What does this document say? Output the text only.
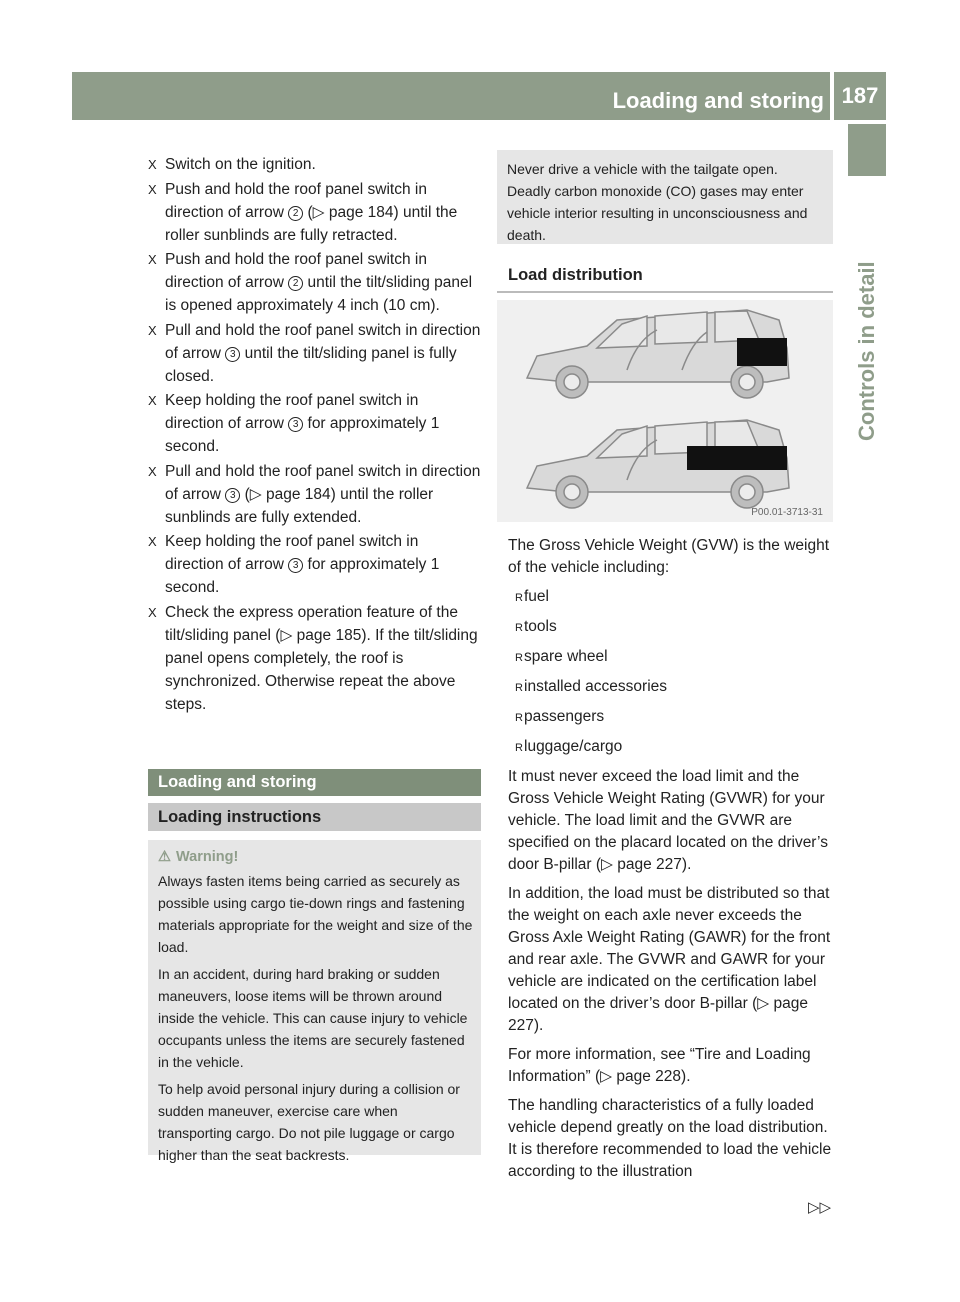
Loading and storing 187
Controls in detail
X Switch on the ignition.
X Push and hold the roof panel switch in direction of arrow 2 (▷ page 184) until the roller sunblinds are fully retracted.
X Push and hold the roof panel switch in direction of arrow 2 until the tilt/sliding panel is opened approximately 4 inch (10 cm).
X Pull and hold the roof panel switch in direction of arrow 3 until the tilt/sliding panel is fully closed.
X Keep holding the roof panel switch in direction of arrow 3 for approximately 1 second.
X Pull and hold the roof panel switch in direction of arrow 3 (▷ page 184) until the roller sunblinds are fully extended.
X Keep holding the roof panel switch in direction of arrow 3 for approximately 1 second.
X Check the express operation feature of the tilt/sliding panel (▷ page 185). If the tilt/sliding panel opens completely, the roof is synchronized. Otherwise repeat the above steps.
Loading and storing
Loading instructions
⚠ Warning!

Always fasten items being carried as securely as possible using cargo tie-down rings and fastening materials appropriate for the weight and size of the load.

In an accident, during hard braking or sudden maneuvers, loose items will be thrown around inside the vehicle. This can cause injury to vehicle occupants unless the items are securely fastened in the vehicle.

To help avoid personal injury during a collision or sudden maneuver, exercise care when transporting cargo. Do not pile luggage or cargo higher than the seat backrests.

Never drive a vehicle with the tailgate open. Deadly carbon monoxide (CO) gases may enter vehicle interior resulting in unconsciousness and death.
Load distribution
P00.01-3713-31

The Gross Vehicle Weight (GVW) is the weight of the vehicle including:

Rfuel
Rtools
Rspare wheel
Rinstalled accessories
Rpassengers
Rluggage/cargo

It must never exceed the load limit and the Gross Vehicle Weight Rating (GVWR) for your vehicle. The load limit and the GVWR are specified on the placard located on the driver’s door B-pillar (▷ page 227).

In addition, the load must be distributed so that the weight on each axle never exceeds the Gross Axle Weight Rating (GAWR) for the front and rear axle. The GVWR and GAWR for your vehicle are indicated on the certification label located on the driver’s door B-pillar (▷ page 227).

For more information, see “Tire and Loading Information” (▷ page 228).

The handling characteristics of a fully loaded vehicle depend greatly on the load distribution. It is therefore recommended to load the vehicle according to the illustration

▷▷
